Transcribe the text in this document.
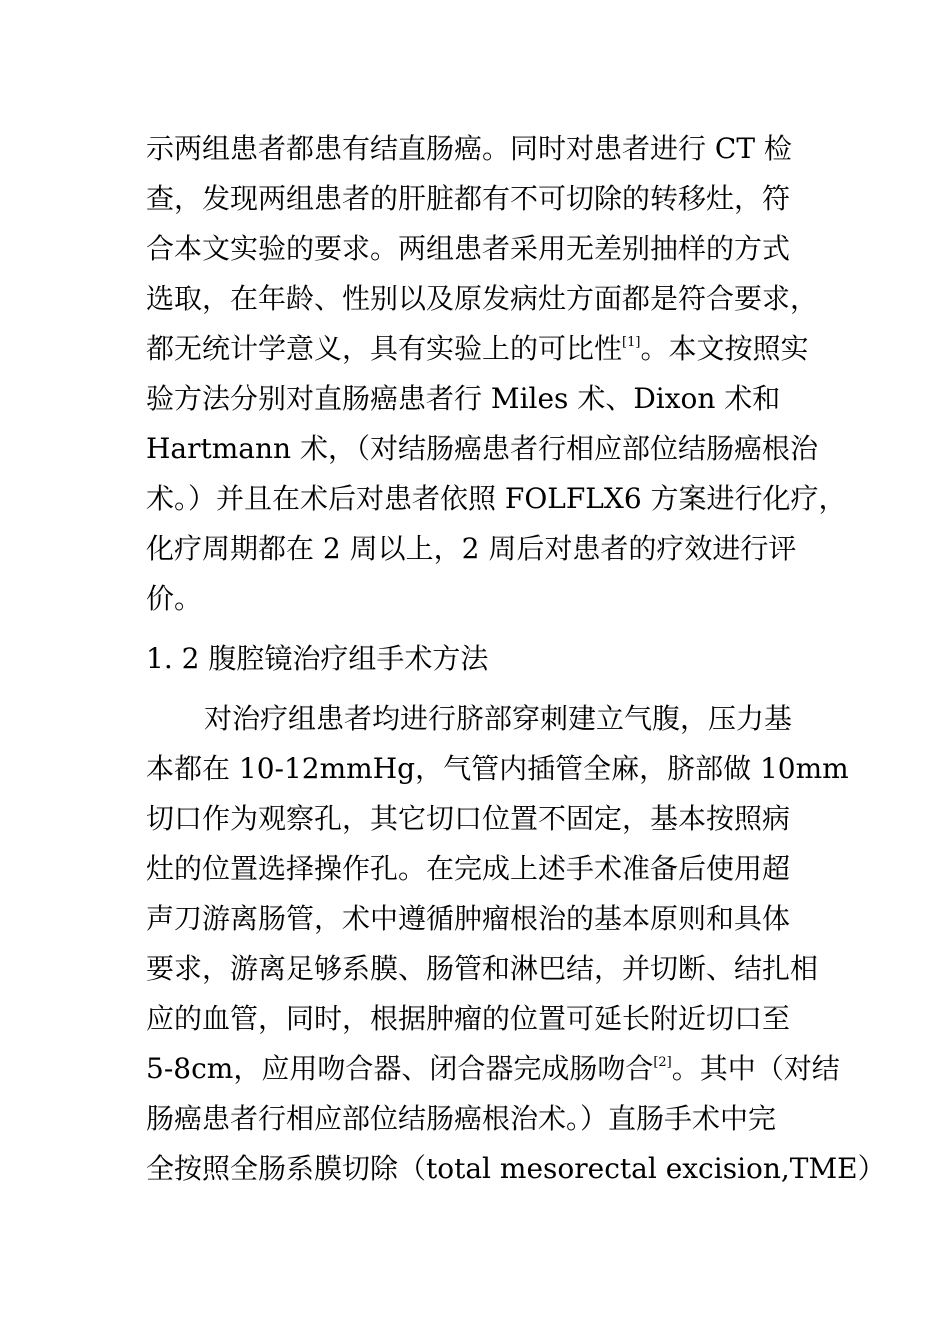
示两组患者都患有结直肠癌。同时对患者进行 CT 检
查，发现两组患者的肝脏都有不可切除的转移灶，符
合本文实验的要求。两组患者采用无差别抽样的方式
选取，在年龄、性别以及原发病灶方面都是符合要求，
都无统计学意义，具有实验上的可比性[1]。本文按照实
验方法分别对直肠癌患者行 Miles 术、Dixon 术和
Hartmann 术，（对结肠癌患者行相应部位结肠癌根治
术。）并且在术后对患者依照 FOLFLX6 方案进行化疗，
化疗周期都在 2 周以上，2 周后对患者的疗效进行评
价。
1. 2 腹腔镜治疗组手术方法
对治疗组患者均进行脐部穿刺建立气腹，压力基
本都在 10-12mmHg，气管内插管全麻，脐部做 10mm
切口作为观察孔，其它切口位置不固定，基本按照病
灶的位置选择操作孔。在完成上述手术准备后使用超
声刀游离肠管，术中遵循肿瘤根治的基本原则和具体
要求，游离足够系膜、肠管和淋巴结，并切断、结扎相
应的血管，同时，根据肿瘤的位置可延长附近切口至
5-8cm，应用吻合器、闭合器完成肠吻合[2]。其中（对结
肠癌患者行相应部位结肠癌根治术。）直肠手术中完
全按照全肠系膜切除（total mesorectal excision,TME）
